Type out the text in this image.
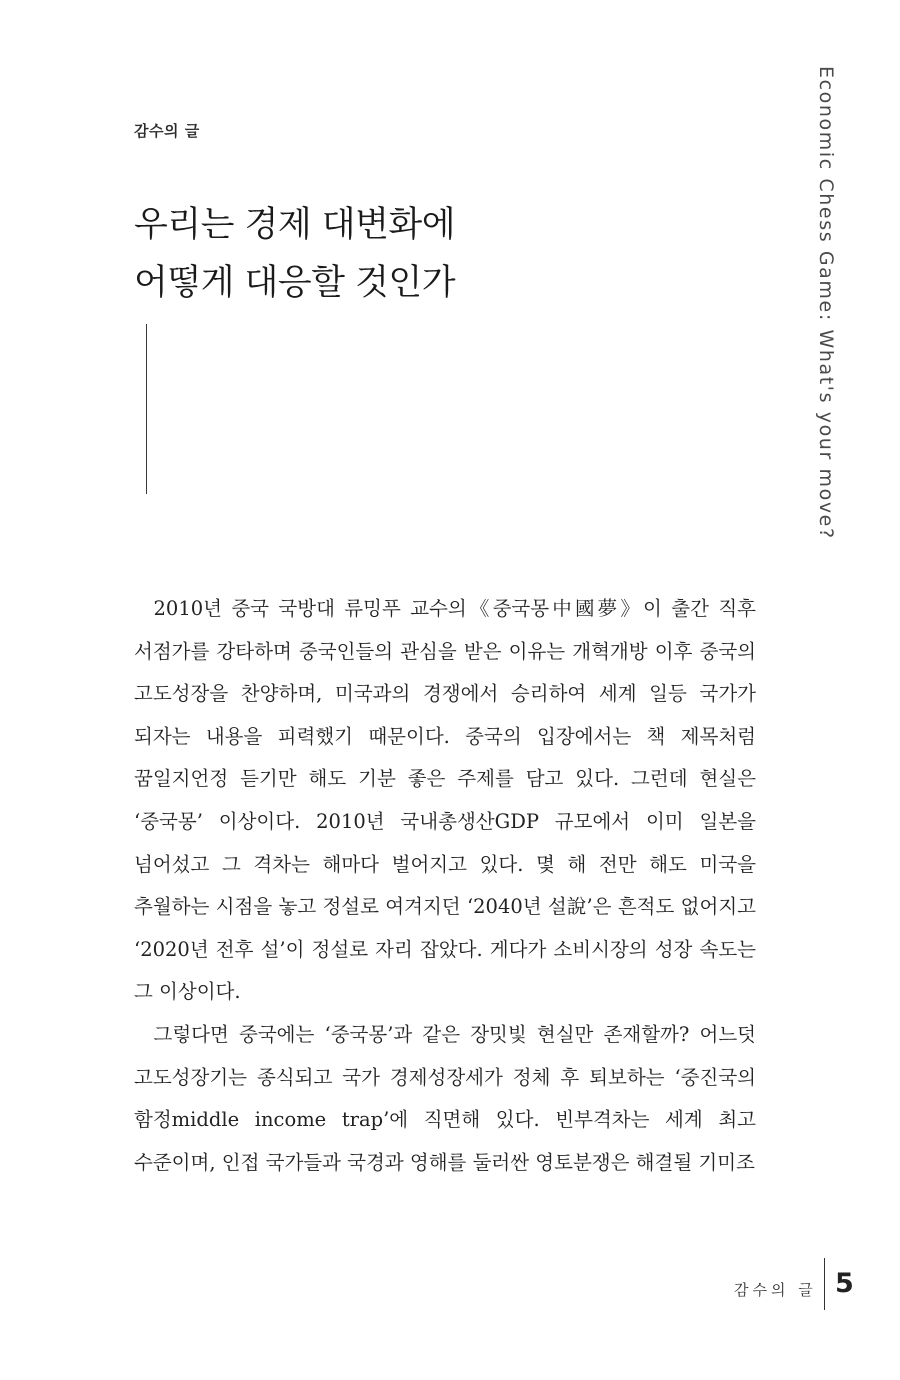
감수의 글
우리는 경제 대변화에
어떻게 대응할 것인가	Economic Chess Game: What's your move?

2010년 중국 국방대 류밍푸 교수의《중국몽中國夢》이 출간 직후 서점가를 강타하며 중국인들의 관심을 받은 이유는 개혁개방 이후 중국의 고도성장을 찬양하며, 미국과의 경쟁에서 승리하여 세계 일등 국가가 되자는 내용을 피력했기 때문이다. 중국의 입장에서는 책 제목처럼 꿈일지언정 듣기만 해도 기분 좋은 주제를 담고 있다. 그런데 현실은 ‘중국몽’ 이상이다. 2010년 국내총생산GDP 규모에서 이미 일본을 넘어섰고 그 격차는 해마다 벌어지고 있다. 몇 해 전만 해도 미국을 추월하는 시점을 놓고 정설로 여겨지던 ‘2040년 설說’은 흔적도 없어지고 ‘2020년 전후 설’이 정설로 자리 잡았다. 게다가 소비시장의 성장 속도는 그 이상이다.

그렇다면 중국에는 ‘중국몽’과 같은 장밋빛 현실만 존재할까? 어느덧 고도성장기는 종식되고 국가 경제성장세가 정체 후 퇴보하는 ‘중진국의 함정middle income trap’에 직면해 있다. 빈부격차는 세계 최고 수준이며, 인접 국가들과 국경과 영해를 둘러싼 영토분쟁은 해결될 기미조

감수의 글 5
